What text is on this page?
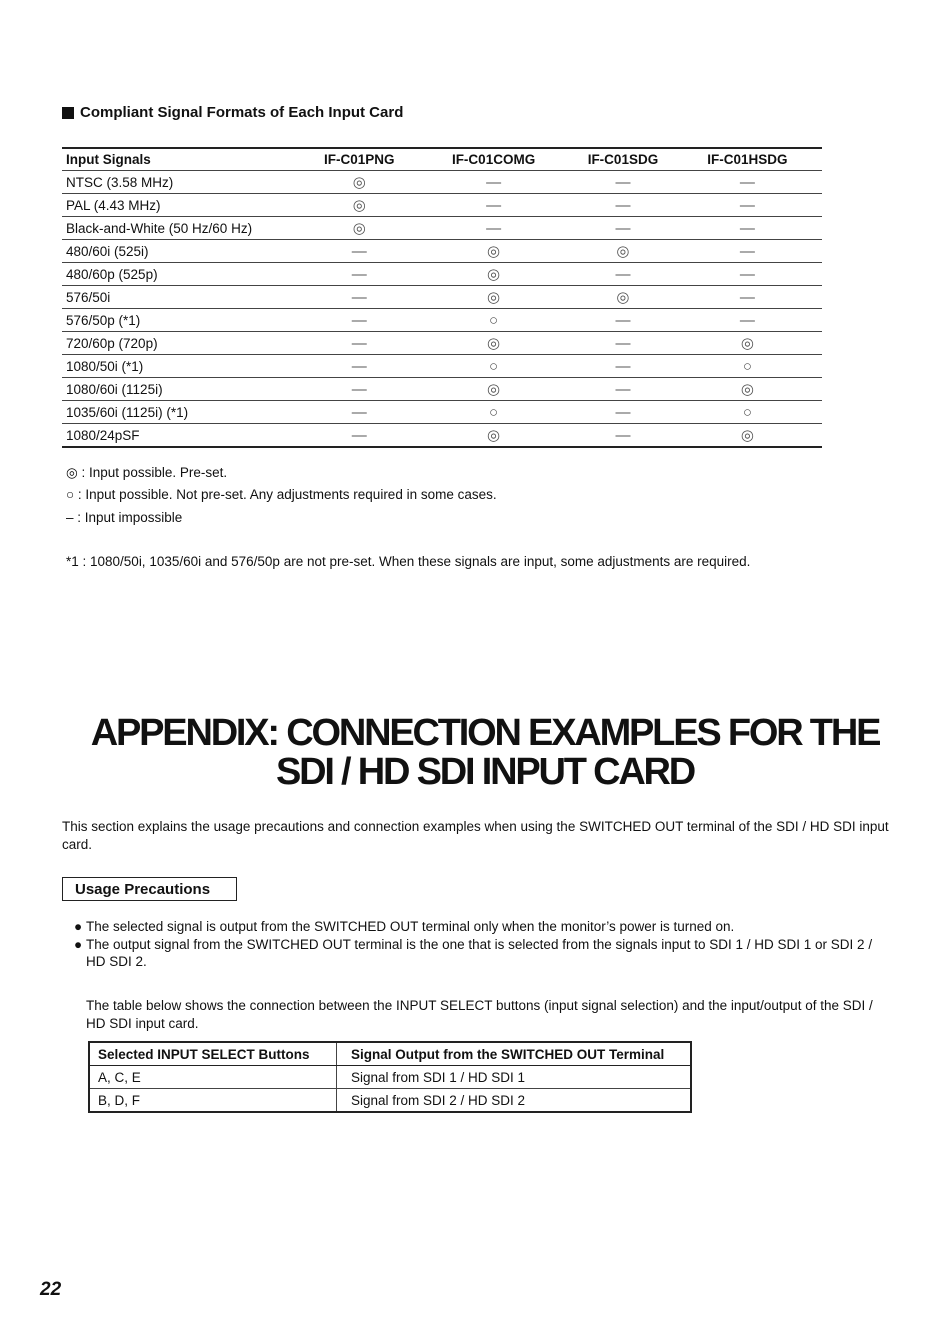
Compliant Signal Formats of Each Input Card
Input Signals	IF-C01PNG	IF-C01COMG	IF-C01SDG	IF-C01HSDG
NTSC (3.58 MHz)	◎	—	—	—
PAL (4.43 MHz)	◎	—	—	—
Black-and-White (50 Hz/60 Hz)	◎	—	—	—
480/60i (525i)	—	◎	◎	—
480/60p (525p)	—	◎	—	—
576/50i	—	◎	◎	—
576/50p (*1)	—	○	—	—
720/60p (720p)	—	◎	—	◎
1080/50i (*1)	—	○	—	○
1080/60i (1125i)	—	◎	—	◎
1035/60i (1125i) (*1)	—	○	—	○
1080/24pSF	—	◎	—	◎
◎ : Input possible. Pre-set.
○ : Input possible. Not pre-set. Any adjustments required in some cases.
– : Input impossible
*1 : 1080/50i, 1035/60i and 576/50p are not pre-set. When these signals are input, some adjustments are required.
APPENDIX: CONNECTION EXAMPLES FOR THE
SDI / HD SDI INPUT CARD
This section explains the usage precautions and connection examples when using the SWITCHED OUT terminal of the SDI / HD SDI input card.
Usage Precautions
● The selected signal is output from the SWITCHED OUT terminal only when the monitor’s power is turned on.
● The output signal from the SWITCHED OUT terminal is the one that is selected from the signals input to SDI 1 / HD SDI 1 or SDI 2 / HD SDI 2.
The table below shows the connection between the INPUT SELECT buttons (input signal selection) and the input/output of the SDI / HD SDI input card.
Selected INPUT SELECT Buttons	Signal Output from the SWITCHED OUT Terminal
A, C, E	Signal from SDI 1 / HD SDI 1
B, D, F	Signal from SDI 2 / HD SDI 2
22
